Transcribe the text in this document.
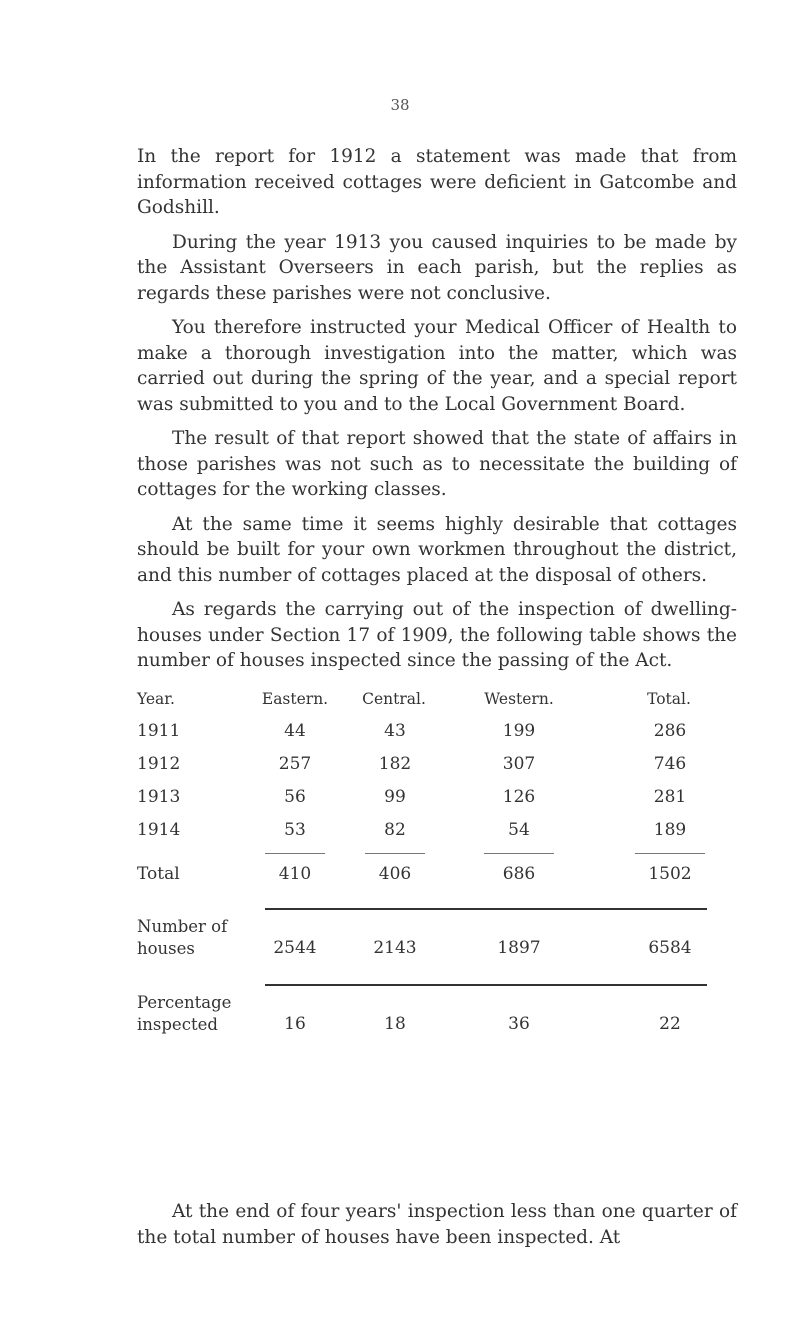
38

In the report for 1912 a statement was made that from information received cottages were deficient in Gatcombe and Godshill.

During the year 1913 you caused inquiries to be made by the Assistant Overseers in each parish, but the replies as regards these parishes were not conclusive.

You therefore instructed your Medical Officer of Health to make a thorough investigation into the matter, which was carried out during the spring of the year, and a special report was submitted to you and to the Local Government Board.

The result of that report showed that the state of affairs in those parishes was not such as to necessitate the building of cottages for the working classes.

At the same time it seems highly desirable that cottages should be built for your own workmen throughout the district, and this number of cottages placed at the disposal of others.

As regards the carrying out of the inspection of dwelling-houses under Section 17 of 1909, the following table shows the number of houses inspected since the passing of the Act.

Year.	Eastern.	Central.	Western.	Total.
1911	44	43	199	286
1912	257	182	307	746
1913	56	99	126	281
1914	53	82	54	189
Total	410	406	686	1502
Number of
houses	2544	2143	1897	6584
Percentage
inspected	16	18	36	22

At the end of four years' inspection less than one quarter of the total number of houses have been inspected. At
